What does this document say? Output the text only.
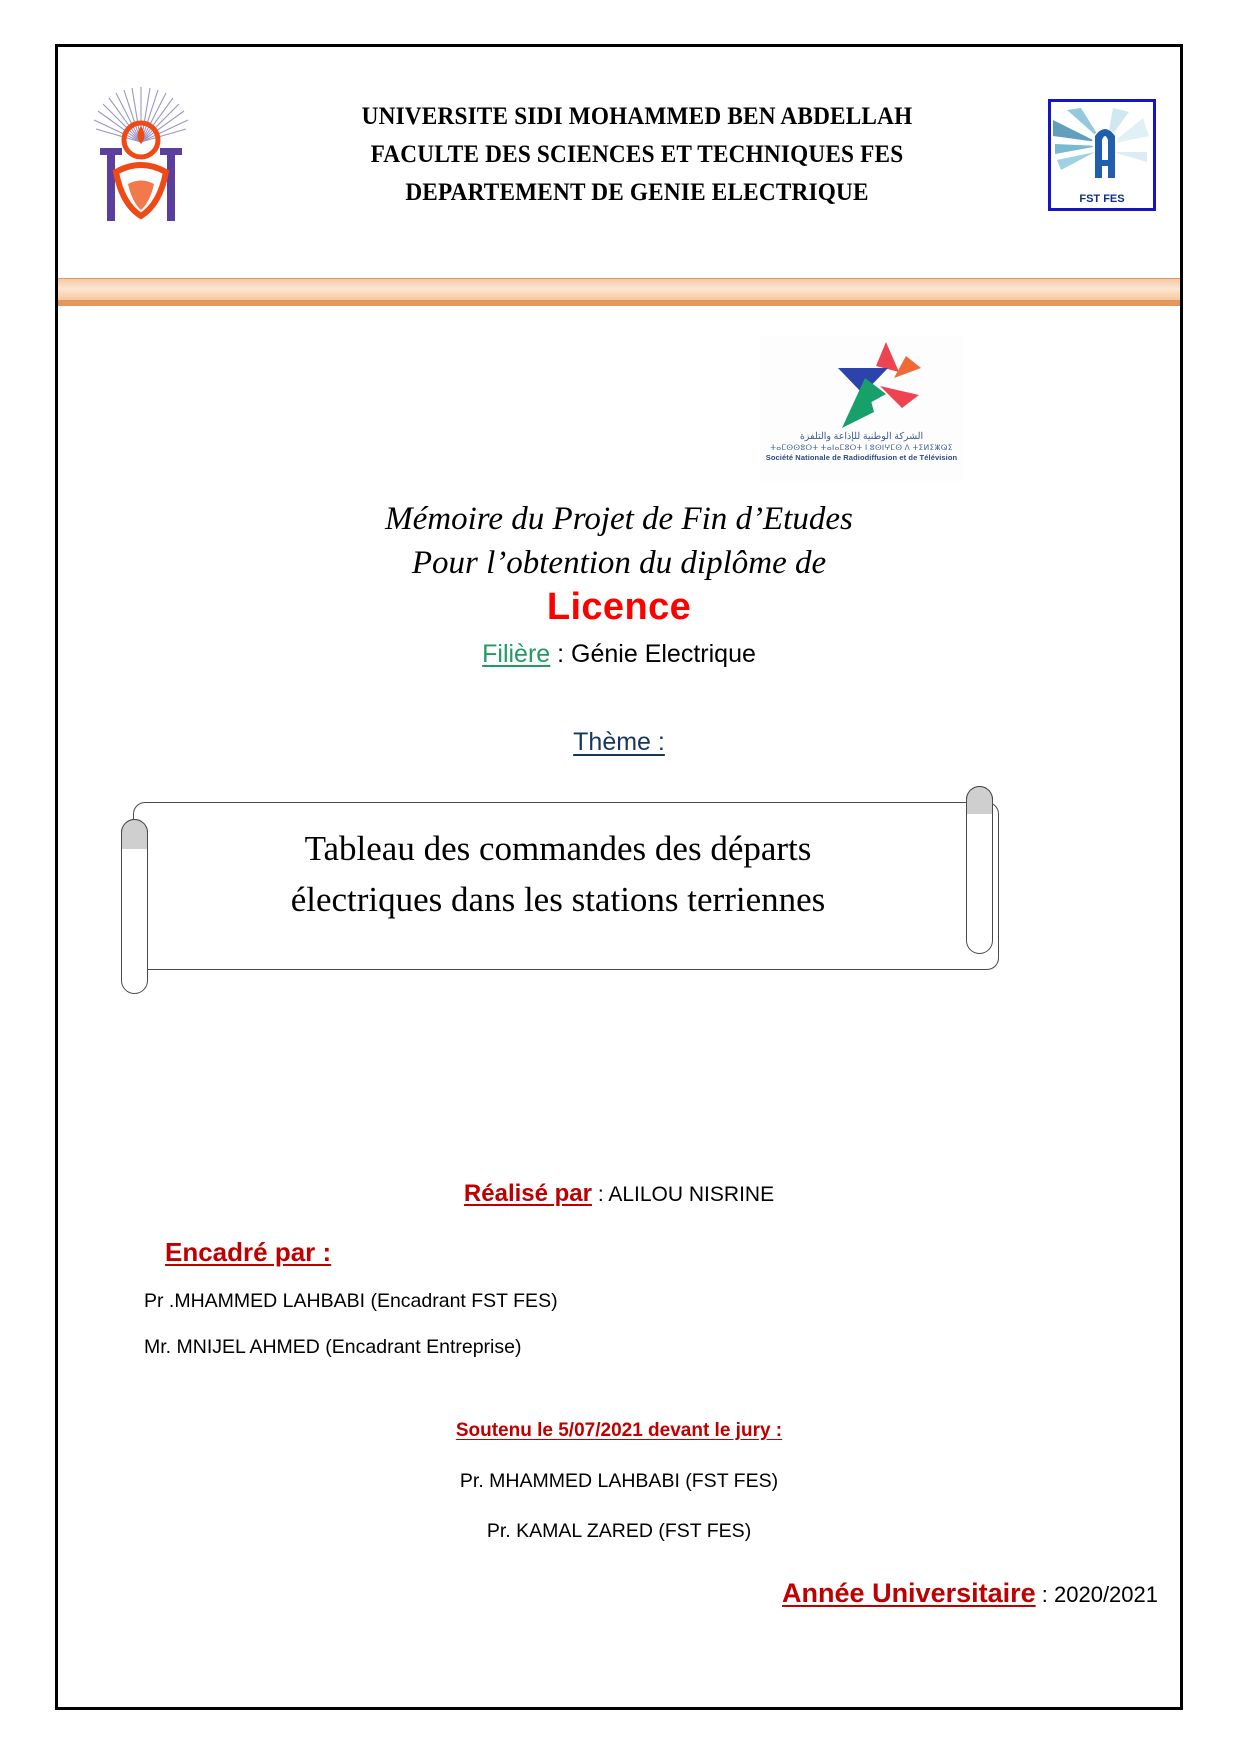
UNIVERSITE SIDI MOHAMMED BEN ABDELLAH
FACULTE DES SCIENCES ET TECHNIQUES FES
DEPARTEMENT DE GENIE ELECTRIQUE	FST FES
الشركة الوطنية للإذاعة والتلفزة
ⵜⴰⵎⵙⵙⵓⵔⵜ ⵜⴰⵏⴰⵎⵓⵔⵜ ⵏ ⵓⵙⵏⵖⵎⵙ ⴷ ⵜⵉⵍⵉⵥⵕⵉ
Société Nationale de Radiodiffusion et de Télévision
Mémoire du Projet de Fin d’Etudes
Pour l’obtention du diplôme de
Licence
Filière : Génie Electrique
Thème :
Tableau des commandes des départs
électriques dans les stations terriennes
Réalisé par : ALILOU NISRINE
Encadré par :
Pr .MHAMMED LAHBABI (Encadrant FST FES)
Mr. MNIJEL AHMED (Encadrant Entreprise)
Soutenu le 5/07/2021 devant le jury :
Pr. MHAMMED LAHBABI (FST FES)
Pr. KAMAL ZARED (FST FES)
Année Universitaire : 2020/2021
